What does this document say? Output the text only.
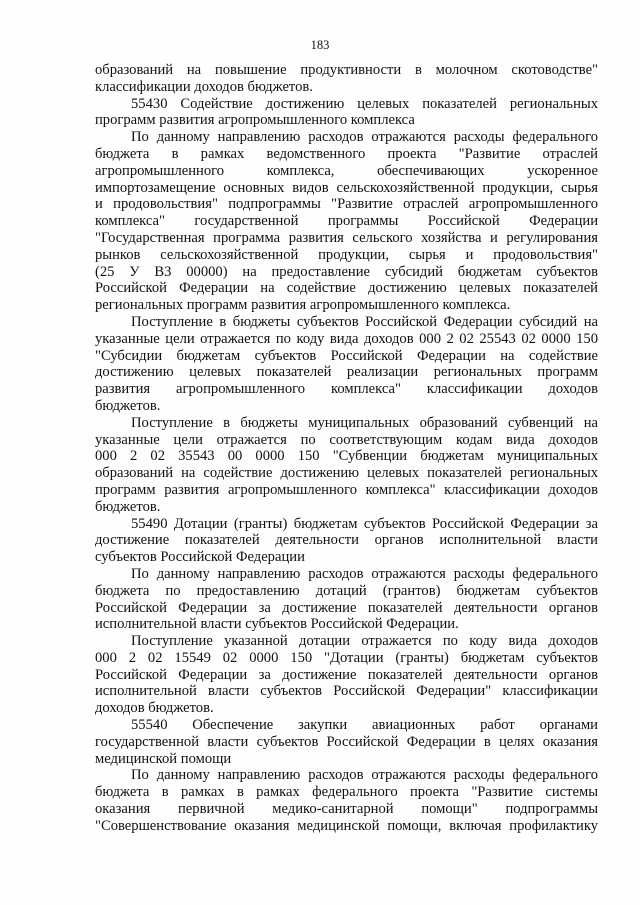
183
образований на повышение продуктивности в молочном скотоводстве"
классификации доходов бюджетов.
55430 Содействие достижению целевых показателей региональных
программ развития агропромышленного комплекса
По данному направлению расходов отражаются расходы федерального
бюджета в рамках ведомственного проекта "Развитие отраслей
агропромышленного комплекса, обеспечивающих ускоренное
импортозамещение основных видов сельскохозяйственной продукции, сырья
и продовольствия" подпрограммы "Развитие отраслей агропромышленного
комплекса" государственной программы Российской Федерации
"Государственная программа развития сельского хозяйства и регулирования
рынков сельскохозяйственной продукции, сырья и продовольствия"
(25 У В3 00000) на предоставление субсидий бюджетам субъектов
Российской Федерации на содействие достижению целевых показателей
региональных программ развития агропромышленного комплекса.
Поступление в бюджеты субъектов Российской Федерации субсидий на
указанные цели отражается по коду вида доходов 000 2 02 25543 02 0000 150
"Субсидии бюджетам субъектов Российской Федерации на содействие
достижению целевых показателей реализации региональных программ
развития агропромышленного комплекса" классификации доходов
бюджетов.
Поступление в бюджеты муниципальных образований субвенций на
указанные цели отражается по соответствующим кодам вида доходов
000 2 02 35543 00 0000 150 "Субвенции бюджетам муниципальных
образований на содействие достижению целевых показателей региональных
программ развития агропромышленного комплекса" классификации доходов
бюджетов.
55490 Дотации (гранты) бюджетам субъектов Российской Федерации за
достижение показателей деятельности органов исполнительной власти
субъектов Российской Федерации
По данному направлению расходов отражаются расходы федерального
бюджета по предоставлению дотаций (грантов) бюджетам субъектов
Российской Федерации за достижение показателей деятельности органов
исполнительной власти субъектов Российской Федерации.
Поступление указанной дотации отражается по коду вида доходов
000 2 02 15549 02 0000 150 "Дотации (гранты) бюджетам субъектов
Российской Федерации за достижение показателей деятельности органов
исполнительной власти субъектов Российской Федерации" классификации
доходов бюджетов.
55540 Обеспечение закупки авиационных работ органами
государственной власти субъектов Российской Федерации в целях оказания
медицинской помощи
По данному направлению расходов отражаются расходы федерального
бюджета в рамках в рамках федерального проекта "Развитие системы
оказания первичной медико-санитарной помощи" подпрограммы
"Совершенствование оказания медицинской помощи, включая профилактику
